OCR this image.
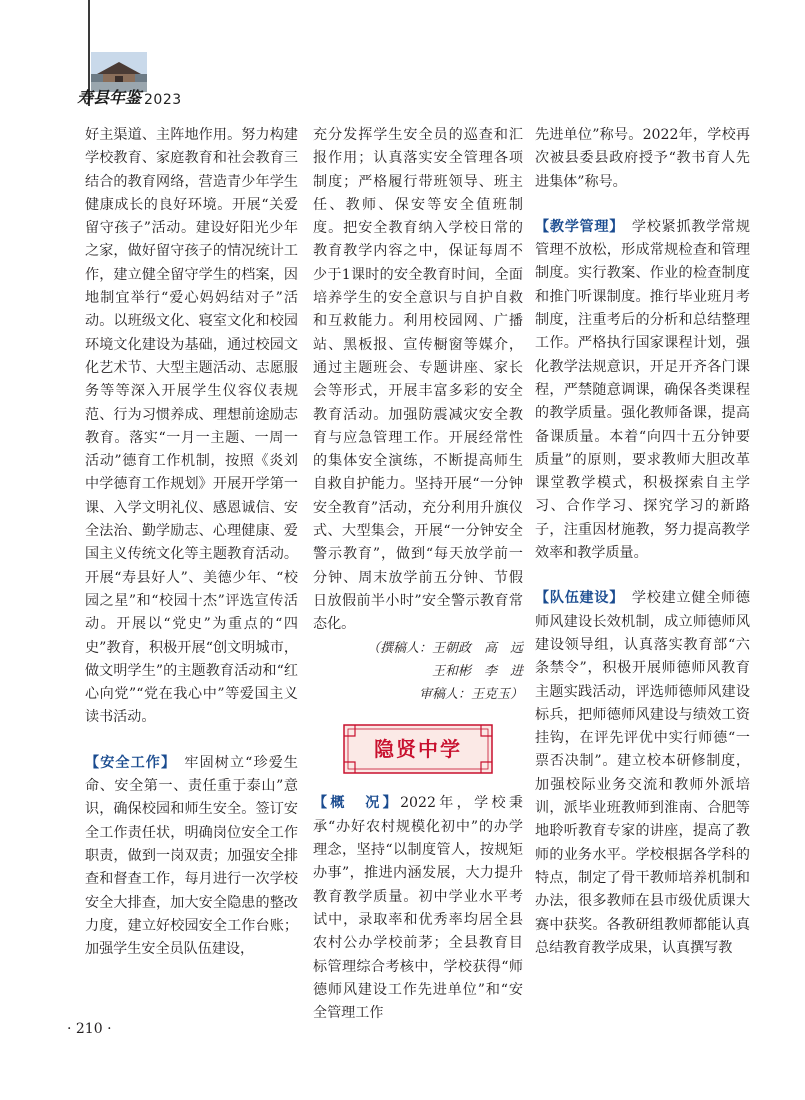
寿县年鉴 2023

好主渠道、主阵地作用。努力构建学校教育、家庭教育和社会教育三结合的教育网络，营造青少年学生健康成长的良好环境。开展“关爱留守孩子”活动。建设好阳光少年之家，做好留守孩子的情况统计工作，建立健全留守学生的档案，因地制宜举行“爱心妈妈结对子”活动。以班级文化、寝室文化和校园环境文化建设为基础，通过校园文化艺术节、大型主题活动、志愿服务等等深入开展学生仪容仪表规范、行为习惯养成、理想前途励志教育。落实“一月一主题、一周一活动”德育工作机制，按照《炎刘中学德育工作规划》开展开学第一课、入学文明礼仪、感恩诚信、安全法治、勤学励志、心理健康、爱国主义传统文化等主题教育活动。开展“寿县好人”、美德少年、“校园之星”和“校园十杰”评选宣传活动。开展以“党史”为重点的“四史”教育，积极开展“创文明城市，做文明学生”的主题教育活动和“红心向党”“党在我心中”等爱国主义读书活动。

【安全工作】　牢固树立“珍爱生命、安全第一、责任重于泰山”意识，确保校园和师生安全。签订安全工作责任状，明确岗位安全工作职责，做到一岗双责；加强安全排查和督查工作，每月进行一次学校安全大排查，加大安全隐患的整改力度，建立好校园安全工作台账；加强学生安全员队伍建设，

充分发挥学生安全员的巡查和汇报作用；认真落实安全管理各项制度；严格履行带班领导、班主任、教师、保安等安全值班制度。把安全教育纳入学校日常的教育教学内容之中，保证每周不少于1课时的安全教育时间，全面培养学生的安全意识与自护自救和互救能力。利用校园网、广播站、黑板报、宣传橱窗等媒介，通过主题班会、专题讲座、家长会等形式，开展丰富多彩的安全教育活动。加强防震减灾安全教育与应急管理工作。开展经常性的集体安全演练，不断提高师生自救自护能力。坚持开展“一分钟安全教育”活动，充分利用升旗仪式、大型集会，开展“一分钟安全警示教育”，做到“每天放学前一分钟、周末放学前五分钟、节假日放假前半小时”安全警示教育常态化。

（撰稿人：王朝政　高　远
王和彬　李　进
审稿人：王克玉）
隐贤中学

【概　况】2022年，学校秉承“办好农村规模化初中”的办学理念，坚持“以制度管人，按规矩办事”，推进内涵发展，大力提升教育教学质量。初中学业水平考试中，录取率和优秀率均居全县农村公办学校前茅；全县教育目标管理综合考核中，学校获得“师德师风建设工作先进单位”和“安全管理工作

先进单位”称号。2022年，学校再次被县委县政府授予“教书育人先进集体”称号。

【教学管理】　学校紧抓教学常规管理不放松，形成常规检查和管理制度。实行教案、作业的检查制度和推门听课制度。推行毕业班月考制度，注重考后的分析和总结整理工作。严格执行国家课程计划，强化教学法规意识，开足开齐各门课程，严禁随意调课，确保各类课程的教学质量。强化教师备课，提高备课质量。本着“向四十五分钟要质量”的原则，要求教师大胆改革课堂教学模式，积极探索自主学习、合作学习、探究学习的新路子，注重因材施教，努力提高教学效率和教学质量。

【队伍建设】　学校建立健全师德师风建设长效机制，成立师德师风建设领导组，认真落实教育部“六条禁令”，积极开展师德师风教育主题实践活动，评选师德师风建设标兵，把师德师风建设与绩效工资挂钩，在评先评优中实行师德“一票否决制”。建立校本研修制度，加强校际业务交流和教师外派培训，派毕业班教师到淮南、合肥等地聆听教育专家的讲座，提高了教师的业务水平。学校根据各学科的特点，制定了骨干教师培养机制和办法，很多教师在县市级优质课大赛中获奖。各教研组教师都能认真总结教育教学成果，认真撰写教

· 210 ·
